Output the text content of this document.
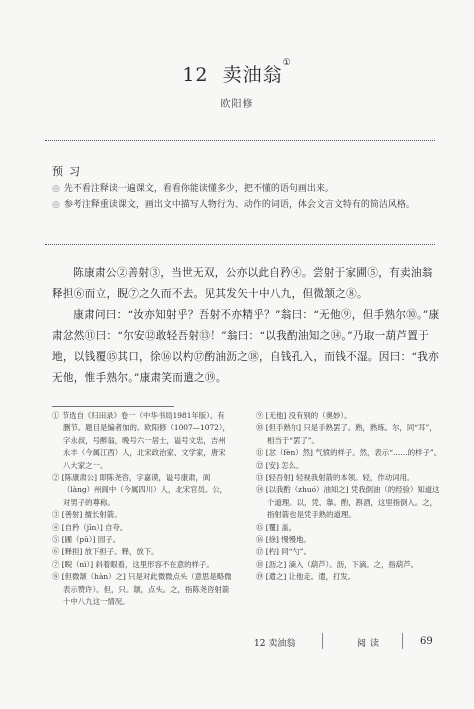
12 卖油翁①
欧阳修
预习
◎ 先不看注释读一遍课文，看看你能读懂多少，把不懂的语句画出来。
◎ 参考注释重读课文，画出文中描写人物行为、动作的词语，体会文言文特有的简洁风格。

陈康肃公②善射③，当世无双，公亦以此自矜④。尝射于家圃⑤，有卖油翁释担⑥而立，睨⑦之久而不去。见其发矢十中八九，但微颔之⑧。

康肃问曰：“汝亦知射乎？吾射不亦精乎？”翁曰：“无他⑨，但手熟尔⑩。”康肃忿然⑪曰：“尔安⑫敢轻吾射⑬！”翁曰：“以我酌油知之⑭。”乃取一葫芦置于地，以钱覆⑮其口，徐⑯以杓⑰酌油沥之⑱，自钱孔入，而钱不湿。因曰：“我亦无他，惟手熟尔。”康肃笑而遣之⑲。

① 节选自《归田录》卷一（中华书局1981年版）。有删节。题目是编者加的。欧阳修（1007—1072），字永叔，号醉翁，晚号六一居士，谥号文忠，吉州永丰（今属江西）人，北宋政治家、文学家，唐宋八大家之一。
② [陈康肃公] 即陈尧咨，字嘉谟，谥号康肃，阆（làng）州阆中（今属四川）人，北宋官员。公，对男子的尊称。
③ [善射] 擅长射箭。
④ [自矜（jīn）] 自夸。
⑤ [圃（pǔ）] 园子。
⑥ [释担] 放下担子。释，放下。
⑦ [睨（nì）] 斜着眼看，这里形容不在意的样子。
⑧ [但微颔（hàn）之] 只是对此微微点头（意思是略微表示赞许）。但，只。颔，点头。之，指陈尧咨射箭十中八九这一情况。
⑨ [无他] 没有别的（奥妙）。
⑩ [但手熟尔] 只是手熟罢了。熟，熟练。尔，同“耳”，相当于“罢了”。
⑪ [忿（fèn）然] 气愤的样子。然，表示“……的样子”。
⑫ [安] 怎么。
⑬ [轻吾射] 轻视我射箭的本领。轻，作动词用。
⑭ [以我酌（zhuó）油知之] 凭我倒油（的经验）知道这个道理。以，凭、靠。酌，斟酒，这里指倒入。之，指射箭也是凭手熟的道理。
⑮ [覆] 盖。
⑯ [徐] 慢慢地。
⑰ [杓] 同“勺”。
⑱ [沥之] 滴入（葫芦）。沥，下滴。之，指葫芦。
⑲ [遣之] 让他走。遣，打发。
12 卖油翁	阅读	69
